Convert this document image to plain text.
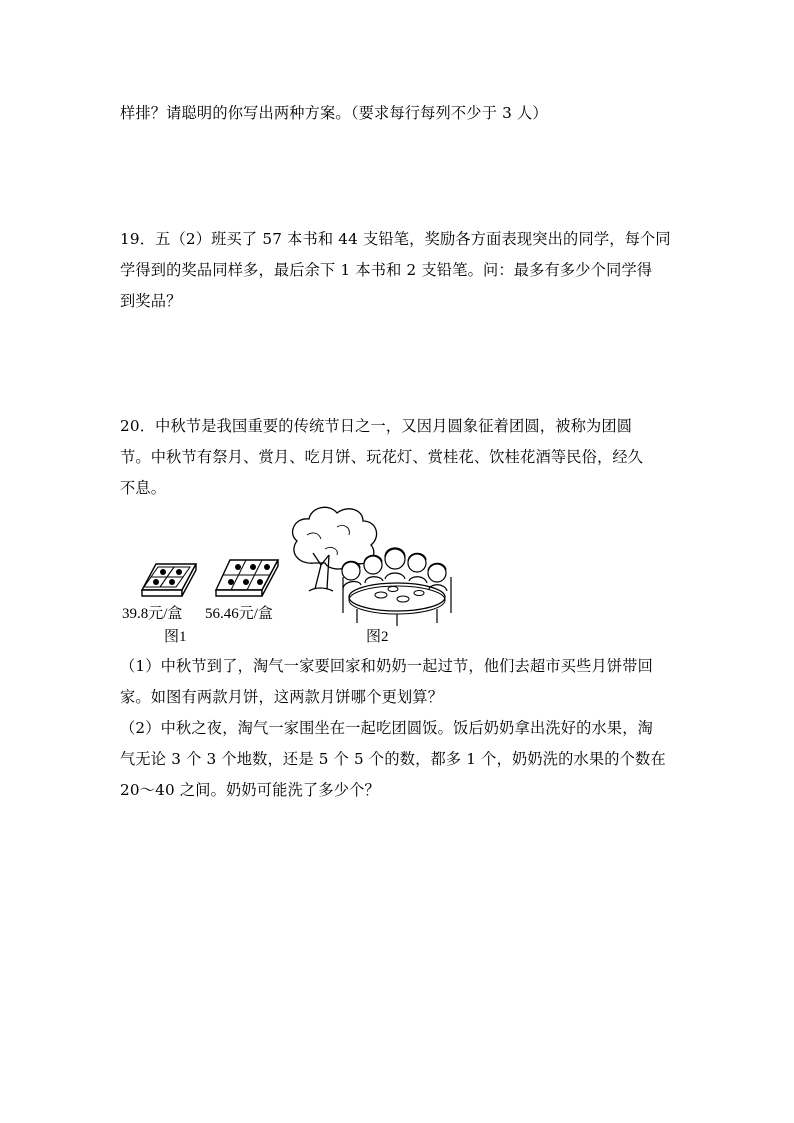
样排？请聪明的你写出两种方案。（要求每行每列不少于 3 人）
19．五（2）班买了 57 本书和 44 支铅笔，奖励各方面表现突出的同学，每个同
学得到的奖品同样多，最后余下 1 本书和 2 支铅笔。问：最多有多少个同学得
到奖品？
20．中秋节是我国重要的传统节日之一，又因月圆象征着团圆，被称为团圆
节。中秋节有祭月、赏月、吃月饼、玩花灯、赏桂花、饮桂花酒等民俗，经久
不息。
39.8元/盒 56.46元/盒
图1	图2
（1）中秋节到了，淘气一家要回家和奶奶一起过节，他们去超市买些月饼带回
家。如图有两款月饼，这两款月饼哪个更划算？
（2）中秋之夜，淘气一家围坐在一起吃团圆饭。饭后奶奶拿出洗好的水果，淘
气无论 3 个 3 个地数，还是 5 个 5 个的数，都多 1 个，奶奶洗的水果的个数在
20～40 之间。奶奶可能洗了多少个？
